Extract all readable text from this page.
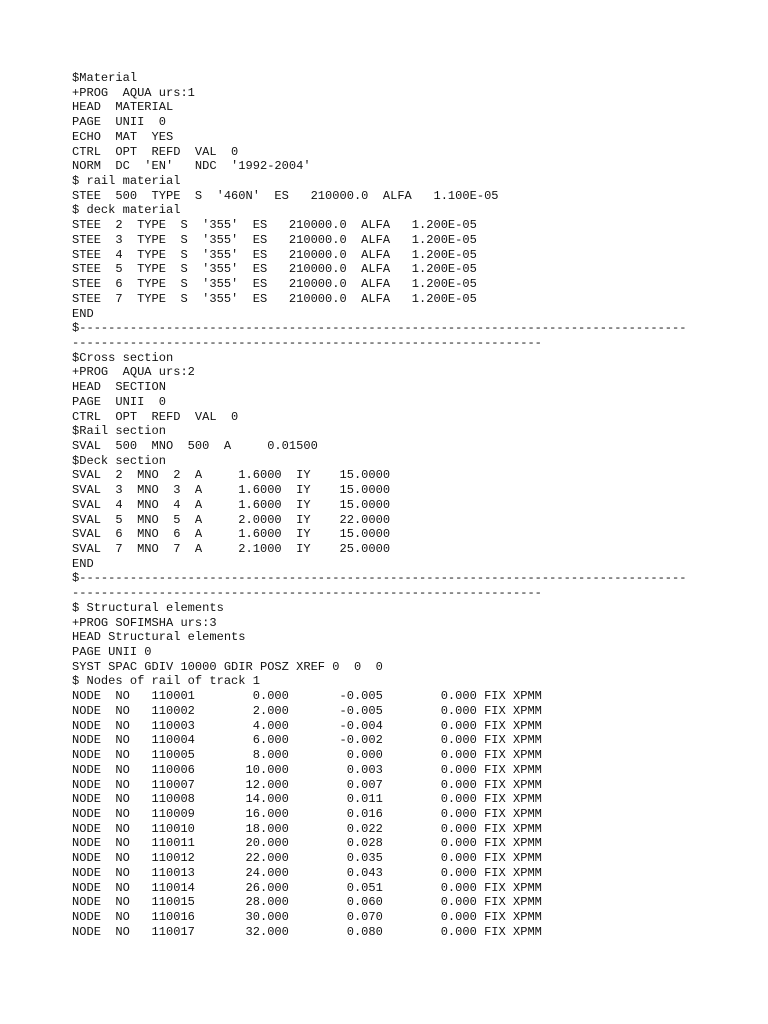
$Material
+PROG  AQUA urs:1
HEAD  MATERIAL
PAGE  UNII  0
ECHO  MAT  YES
CTRL  OPT  REFD  VAL  0
NORM  DC  'EN'   NDC  '1992-2004'
$ rail material
STEE  500  TYPE  S  '460N'  ES   210000.0  ALFA   1.100E-05
$ deck material
STEE  2  TYPE  S  '355'  ES   210000.0  ALFA   1.200E-05
STEE  3  TYPE  S  '355'  ES   210000.0  ALFA   1.200E-05
STEE  4  TYPE  S  '355'  ES   210000.0  ALFA   1.200E-05
STEE  5  TYPE  S  '355'  ES   210000.0  ALFA   1.200E-05
STEE  6  TYPE  S  '355'  ES   210000.0  ALFA   1.200E-05
STEE  7  TYPE  S  '355'  ES   210000.0  ALFA   1.200E-05
END
$------------------------------------------------------------------------------------
-----------------------------------------------------------------
$Cross section
+PROG  AQUA urs:2
HEAD  SECTION
PAGE  UNII  0
CTRL  OPT  REFD  VAL  0
$Rail section
SVAL  500  MNO  500  A     0.01500
$Deck section
SVAL  2  MNO  2  A     1.6000  IY    15.0000
SVAL  3  MNO  3  A     1.6000  IY    15.0000
SVAL  4  MNO  4  A     1.6000  IY    15.0000
SVAL  5  MNO  5  A     2.0000  IY    22.0000
SVAL  6  MNO  6  A     1.6000  IY    15.0000
SVAL  7  MNO  7  A     2.1000  IY    25.0000
END
$------------------------------------------------------------------------------------
-----------------------------------------------------------------
$ Structural elements
+PROG SOFIMSHA urs:3
HEAD Structural elements
PAGE UNII 0
SYST SPAC GDIV 10000 GDIR POSZ XREF 0  0  0
$ Nodes of rail of track 1
NODE  NO   110001        0.000       -0.005        0.000 FIX XPMM
NODE  NO   110002        2.000       -0.005        0.000 FIX XPMM
NODE  NO   110003        4.000       -0.004        0.000 FIX XPMM
NODE  NO   110004        6.000       -0.002        0.000 FIX XPMM
NODE  NO   110005        8.000        0.000        0.000 FIX XPMM
NODE  NO   110006       10.000        0.003        0.000 FIX XPMM
NODE  NO   110007       12.000        0.007        0.000 FIX XPMM
NODE  NO   110008       14.000        0.011        0.000 FIX XPMM
NODE  NO   110009       16.000        0.016        0.000 FIX XPMM
NODE  NO   110010       18.000        0.022        0.000 FIX XPMM
NODE  NO   110011       20.000        0.028        0.000 FIX XPMM
NODE  NO   110012       22.000        0.035        0.000 FIX XPMM
NODE  NO   110013       24.000        0.043        0.000 FIX XPMM
NODE  NO   110014       26.000        0.051        0.000 FIX XPMM
NODE  NO   110015       28.000        0.060        0.000 FIX XPMM
NODE  NO   110016       30.000        0.070        0.000 FIX XPMM
NODE  NO   110017       32.000        0.080        0.000 FIX XPMM
